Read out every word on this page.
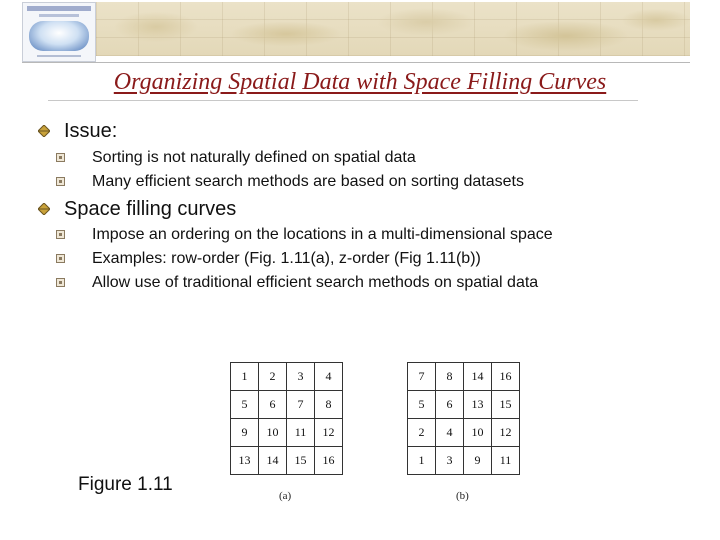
Organizing Spatial Data with Space Filling Curves
Issue:
Sorting is not naturally defined on spatial data
Many efficient search methods are based on sorting datasets
Space filling curves
Impose an ordering on the locations in a multi-dimensional space
Examples: row-order (Fig. 1.11(a), z-order (Fig 1.11(b))
Allow use of traditional efficient search methods on spatial data
1	2	3	4
5	6	7	8
9	10	11	12
13	14	15	16
(a)
7	8	14	16
5	6	13	15
2	4	10	12
1	3	9	11
(b)
Figure 1.11
